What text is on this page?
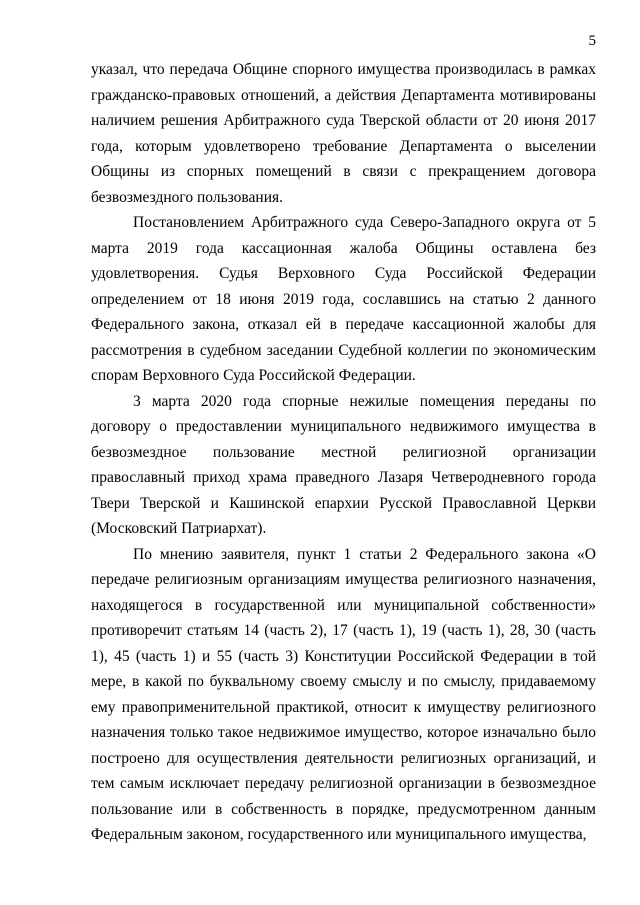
5

указал, что передача Общине спорного имущества производилась в рамках гражданско-правовых отношений, а действия Департамента мотивированы наличием решения Арбитражного суда Тверской области от 20 июня 2017 года, которым удовлетворено требование Департамента о выселении Общины из спорных помещений в связи с прекращением договора безвозмездного пользования.

Постановлением Арбитражного суда Северо-Западного округа от 5 марта 2019 года кассационная жалоба Общины оставлена без удовлетворения. Судья Верховного Суда Российской Федерации определением от 18 июня 2019 года, сославшись на статью 2 данного Федерального закона, отказал ей в передаче кассационной жалобы для рассмотрения в судебном заседании Судебной коллегии по экономическим спорам Верховного Суда Российской Федерации.

3 марта 2020 года спорные нежилые помещения переданы по договору о предоставлении муниципального недвижимого имущества в безвозмездное пользование местной религиозной организации православный приход храма праведного Лазаря Четверодневного города Твери Тверской и Кашинской епархии Русской Православной Церкви (Московский Патриархат).

По мнению заявителя, пункт 1 статьи 2 Федерального закона «О передаче религиозным организациям имущества религиозного назначения, находящегося в государственной или муниципальной собственности» противоречит статьям 14 (часть 2), 17 (часть 1), 19 (часть 1), 28, 30 (часть 1), 45 (часть 1) и 55 (часть 3) Конституции Российской Федерации в той мере, в какой по буквальному своему смыслу и по смыслу, придаваемому ему правоприменительной практикой, относит к имуществу религиозного назначения только такое недвижимое имущество, которое изначально было построено для осуществления деятельности религиозных организаций, и тем самым исключает передачу религиозной организации в безвозмездное пользование или в собственность в порядке, предусмотренном данным Федеральным законом, государственного или муниципального имущества,
